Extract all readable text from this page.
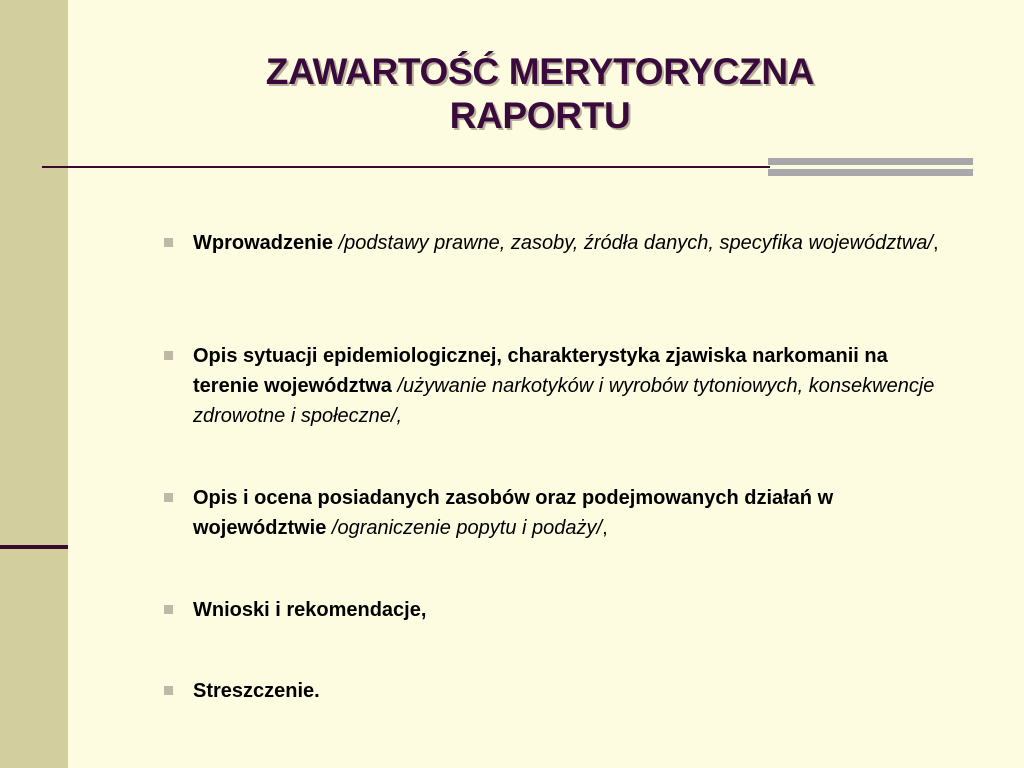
ZAWARTOŚĆ MERYTORYCZNA
RAPORTU
Wprowadzenie /podstawy prawne, zasoby, źródła danych, specyfika województwa/,
Opis sytuacji epidemiologicznej, charakterystyka zjawiska narkomanii na terenie województwa /używanie narkotyków i wyrobów tytoniowych, konsekwencje zdrowotne i społeczne/,
Opis i ocena posiadanych zasobów oraz podejmowanych działań w województwie /ograniczenie popytu i podaży/,
Wnioski i rekomendacje,
Streszczenie.
